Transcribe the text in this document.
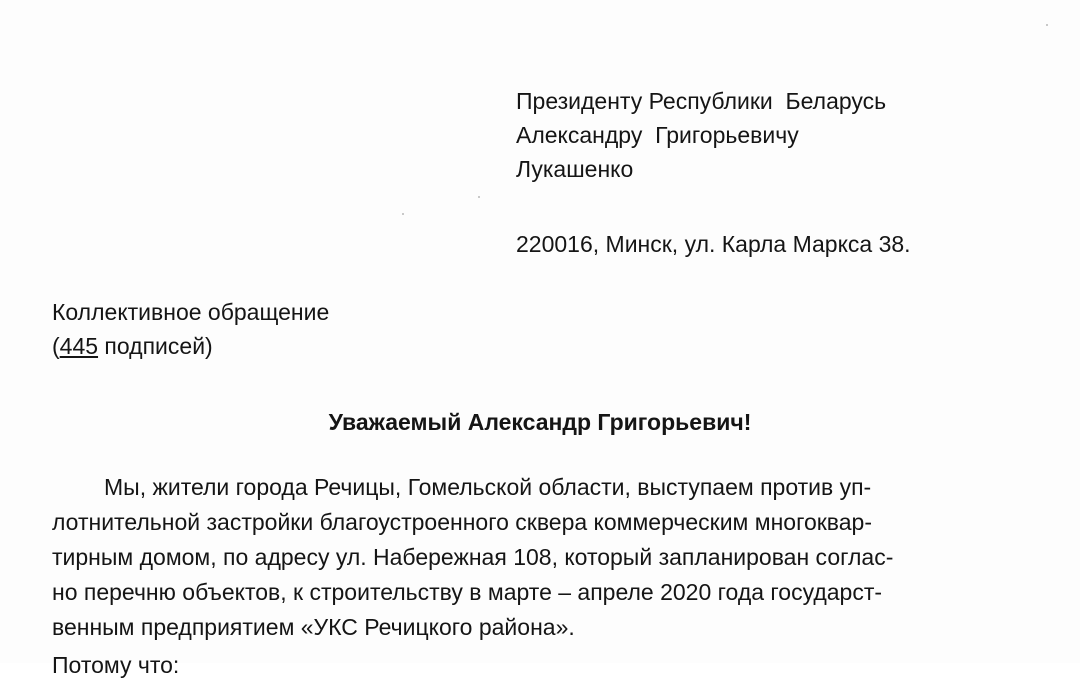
Президенту Республики  Беларусь
Александру  Григорьевичу
Лукашенко
220016, Минск, ул. Карла Маркса 38.
Коллективное обращение
(445 подписей)
Уважаемый Александр Григорьевич!
Мы, жители города Речицы, Гомельской области, выступаем против уп-
лотнительной застройки благоустроенного сквера коммерческим многоквар-
тирным домом, по адресу ул. Набережная 108, который запланирован соглас-
но перечню объектов, к строительству в марте – апреле 2020 года государст-
венным предприятием «УКС Речицкого района».
Потому что:
